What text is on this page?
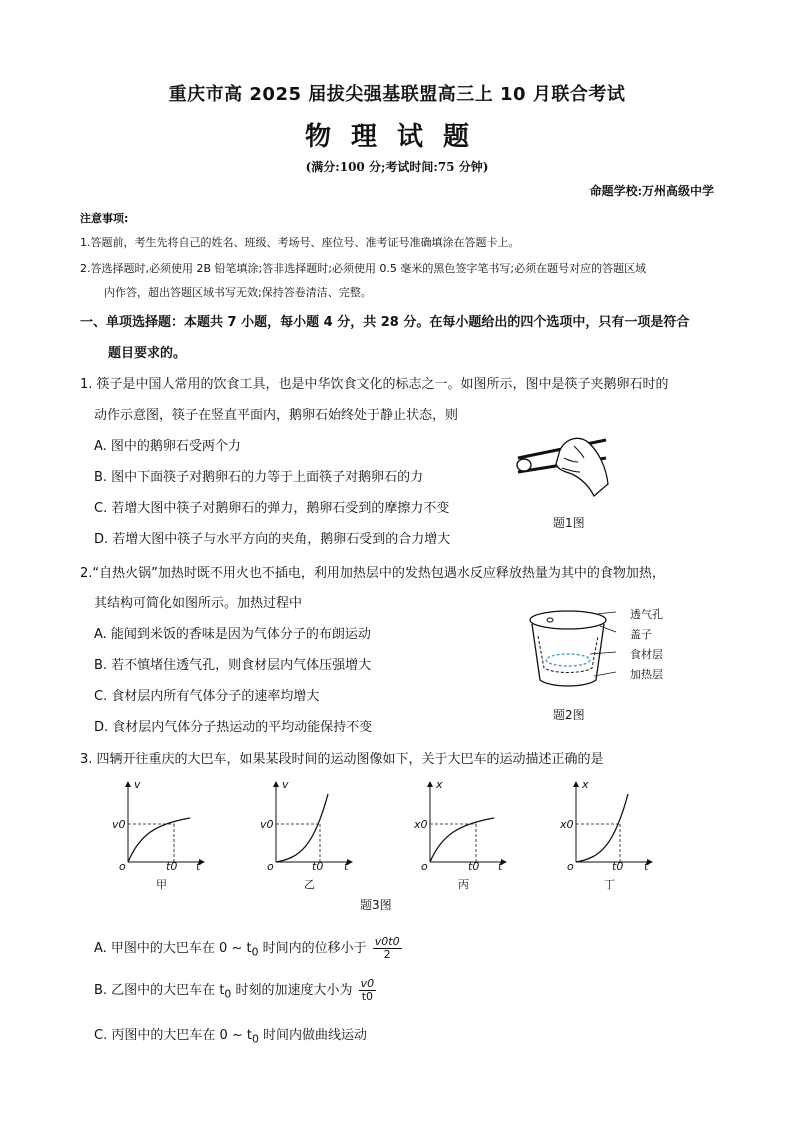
重庆市高 2025 届拔尖强基联盟高三上 10 月联合考试
物理试题
(满分:100 分;考试时间:75 分钟)
命题学校:万州高级中学
注意事项:
1.答题前，考生先将自己的姓名、班级、考场号、座位号、准考证号准确填涂在答题卡上。
2.答选择题时,必须使用 2B 铅笔填涂;答非选择题时;必须使用 0.5 毫米的黑色签字笔书写;必须在题号对应的答题区域
内作答，超出答题区域书写无效;保持答卷清洁、完整。
一、单项选择题：本题共 7 小题，每小题 4 分，共 28 分。在每小题给出的四个选项中，只有一项是符合
题目要求的。
1. 筷子是中国人常用的饮食工具，也是中华饮食文化的标志之一。如图所示，图中是筷子夹鹅卵石时的
动作示意图，筷子在竖直平面内，鹅卵石始终处于静止状态，则
A. 图中的鹅卵石受两个力
B. 图中下面筷子对鹅卵石的力等于上面筷子对鹅卵石的力
C. 若增大图中筷子对鹅卵石的弹力，鹅卵石受到的摩擦力不变
D. 若增大图中筷子与水平方向的夹角，鹅卵石受到的合力增大
题1图
2.“自热火锅”加热时既不用火也不插电，利用加热层中的发热包遇水反应释放热量为其中的食物加热，
其结构可简化如图所示。加热过程中
A. 能闻到米饭的香味是因为气体分子的布朗运动
B. 若不慎堵住透气孔，则食材层内气体压强增大
C. 食材层内所有气体分子的速率均增大
D. 食材层内气体分子热运动的平均动能保持不变
透气孔
盖子
食材层
加热层
题2图
3. 四辆开往重庆的大巴车，如果某段时间的运动图像如下，关于大巴车的运动描述正确的是
v
v0
o	t0 t
甲
v
v0
o	t0 t
乙
x
x0
o	t0 t
丙
x
x0
o	t0 t
丁
题3图
A. 甲图中的大巴车在 0 ~ $t_0$ 时间内的位移小于 $\frac{v0t0}{2}$
B. 乙图中的大巴车在 $t_0$ 时刻的加速度大小为 $\frac{v0}{t0}$
C. 丙图中的大巴车在 0 ~ $t_0$ 时间内做曲线运动
